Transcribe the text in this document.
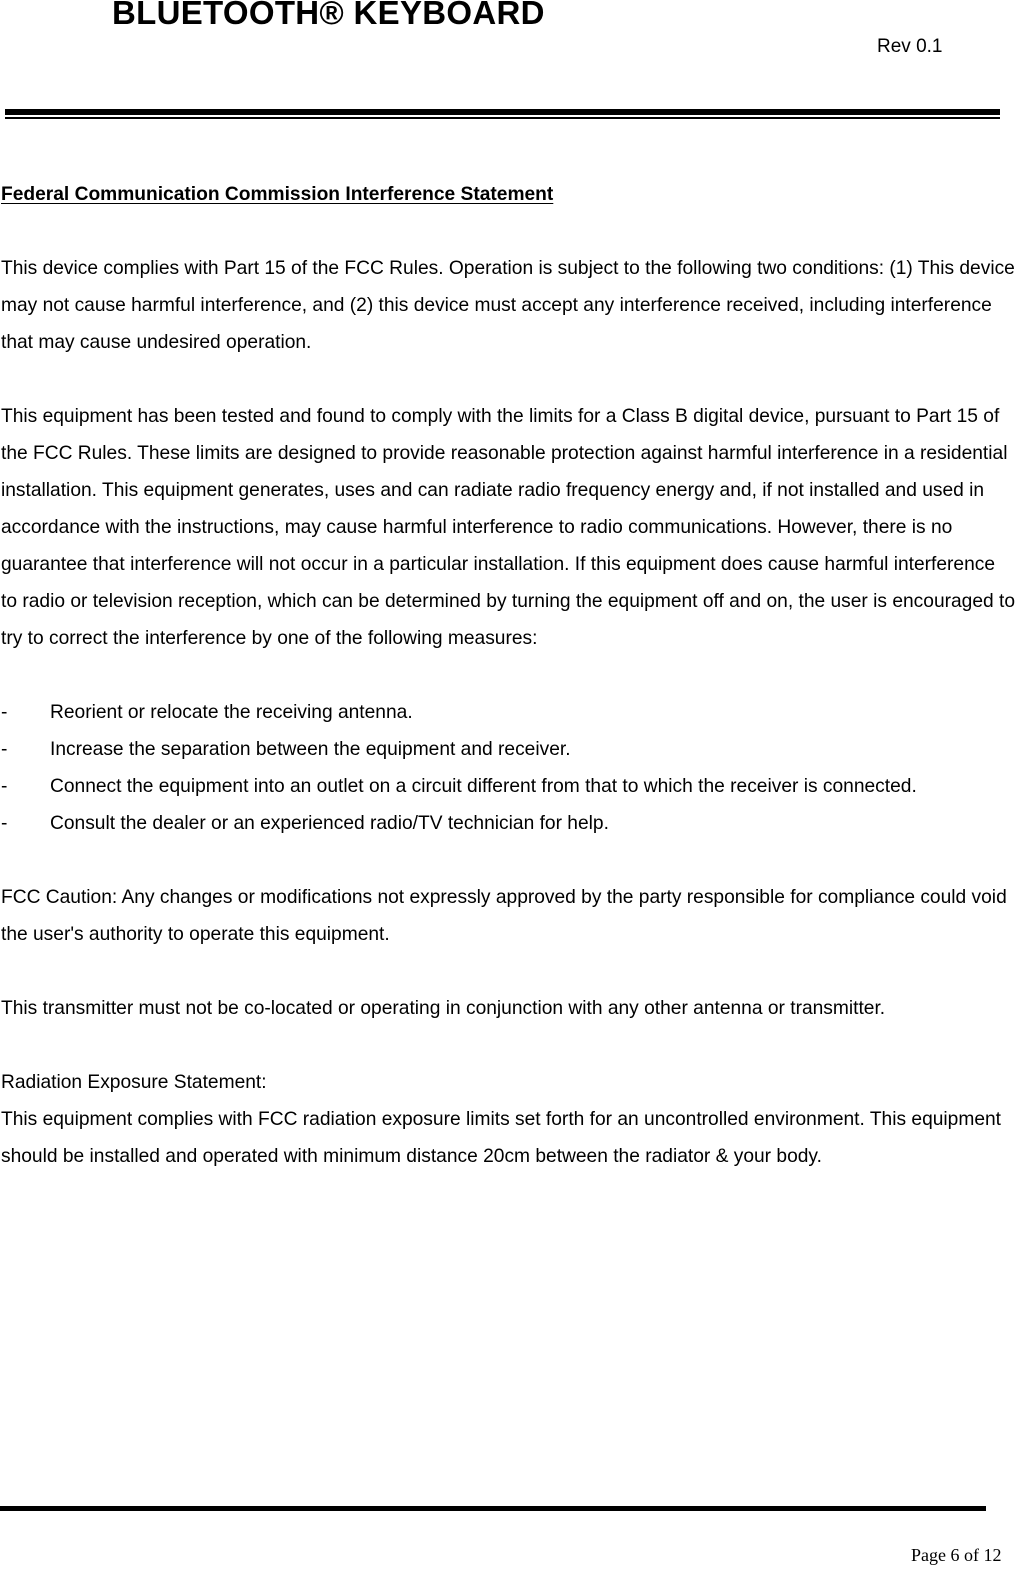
BLUETOOTH® KEYBOARD
Rev 0.1

Federal Communication Commission Interference Statement

This device complies with Part 15 of the FCC Rules. Operation is subject to the following two conditions: (1) This device may not cause harmful interference, and (2) this device must accept any interference received, including interference that may cause undesired operation.

This equipment has been tested and found to comply with the limits for a Class B digital device, pursuant to Part 15 of the FCC Rules. These limits are designed to provide reasonable protection against harmful interference in a residential installation. This equipment generates, uses and can radiate radio frequency energy and, if not installed and used in accordance with the instructions, may cause harmful interference to radio communications. However, there is no guarantee that interference will not occur in a particular installation. If this equipment does cause harmful interference to radio or television reception, which can be determined by turning the equipment off and on, the user is encouraged to try to correct the interference by one of the following measures:

-	Reorient or relocate the receiving antenna.
-	Increase the separation between the equipment and receiver.
-	Connect the equipment into an outlet on a circuit different from that to which the receiver is connected.
-	Consult the dealer or an experienced radio/TV technician for help.

FCC Caution: Any changes or modifications not expressly approved by the party responsible for compliance could void the user's authority to operate this equipment.

This transmitter must not be co-located or operating in conjunction with any other antenna or transmitter.

Radiation Exposure Statement:

This equipment complies with FCC radiation exposure limits set forth for an uncontrolled environment. This equipment should be installed and operated with minimum distance 20cm between the radiator & your body.

Page 6 of 12
